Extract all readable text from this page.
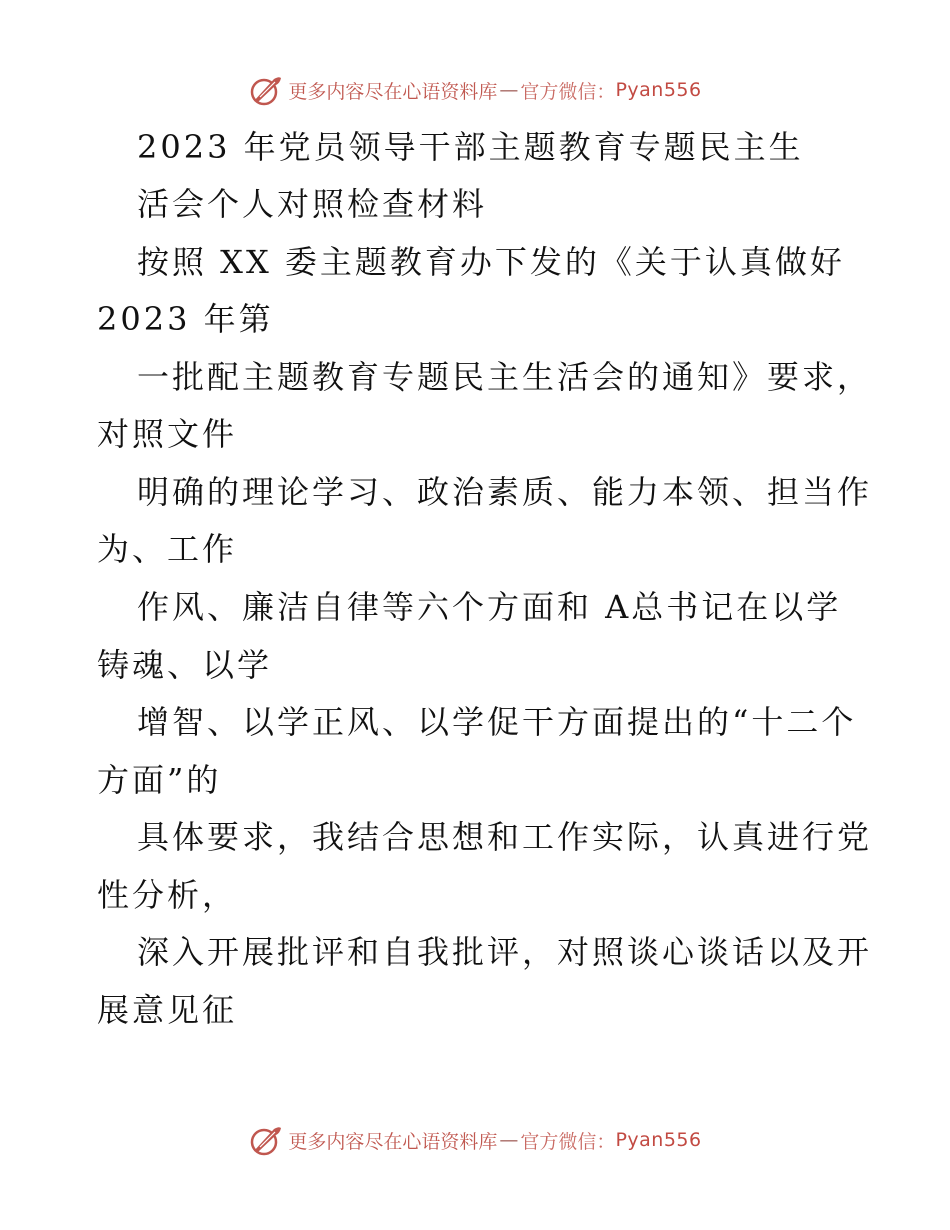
更多内容尽在心语资料库 — 官方微信： Pyan556
2023 年党员领导干部主题教育专题民主生
活会个人对照检查材料
按照 XX 委主题教育办下发的《关于认真做好
2023 年第
一批配主题教育专题民主生活会的通知》要求，
对照文件
明确的理论学习、政治素质、能力本领、担当作
为、工作
作风、廉洁自律等六个方面和 A总书记在以学
铸魂、以学
增智、以学正风、以学促干方面提出的“十二个
方面”的
具体要求，我结合思想和工作实际，认真进行党
性分析，
深入开展批评和自我批评，对照谈心谈话以及开
展意见征
更多内容尽在心语资料库 — 官方微信： Pyan556
